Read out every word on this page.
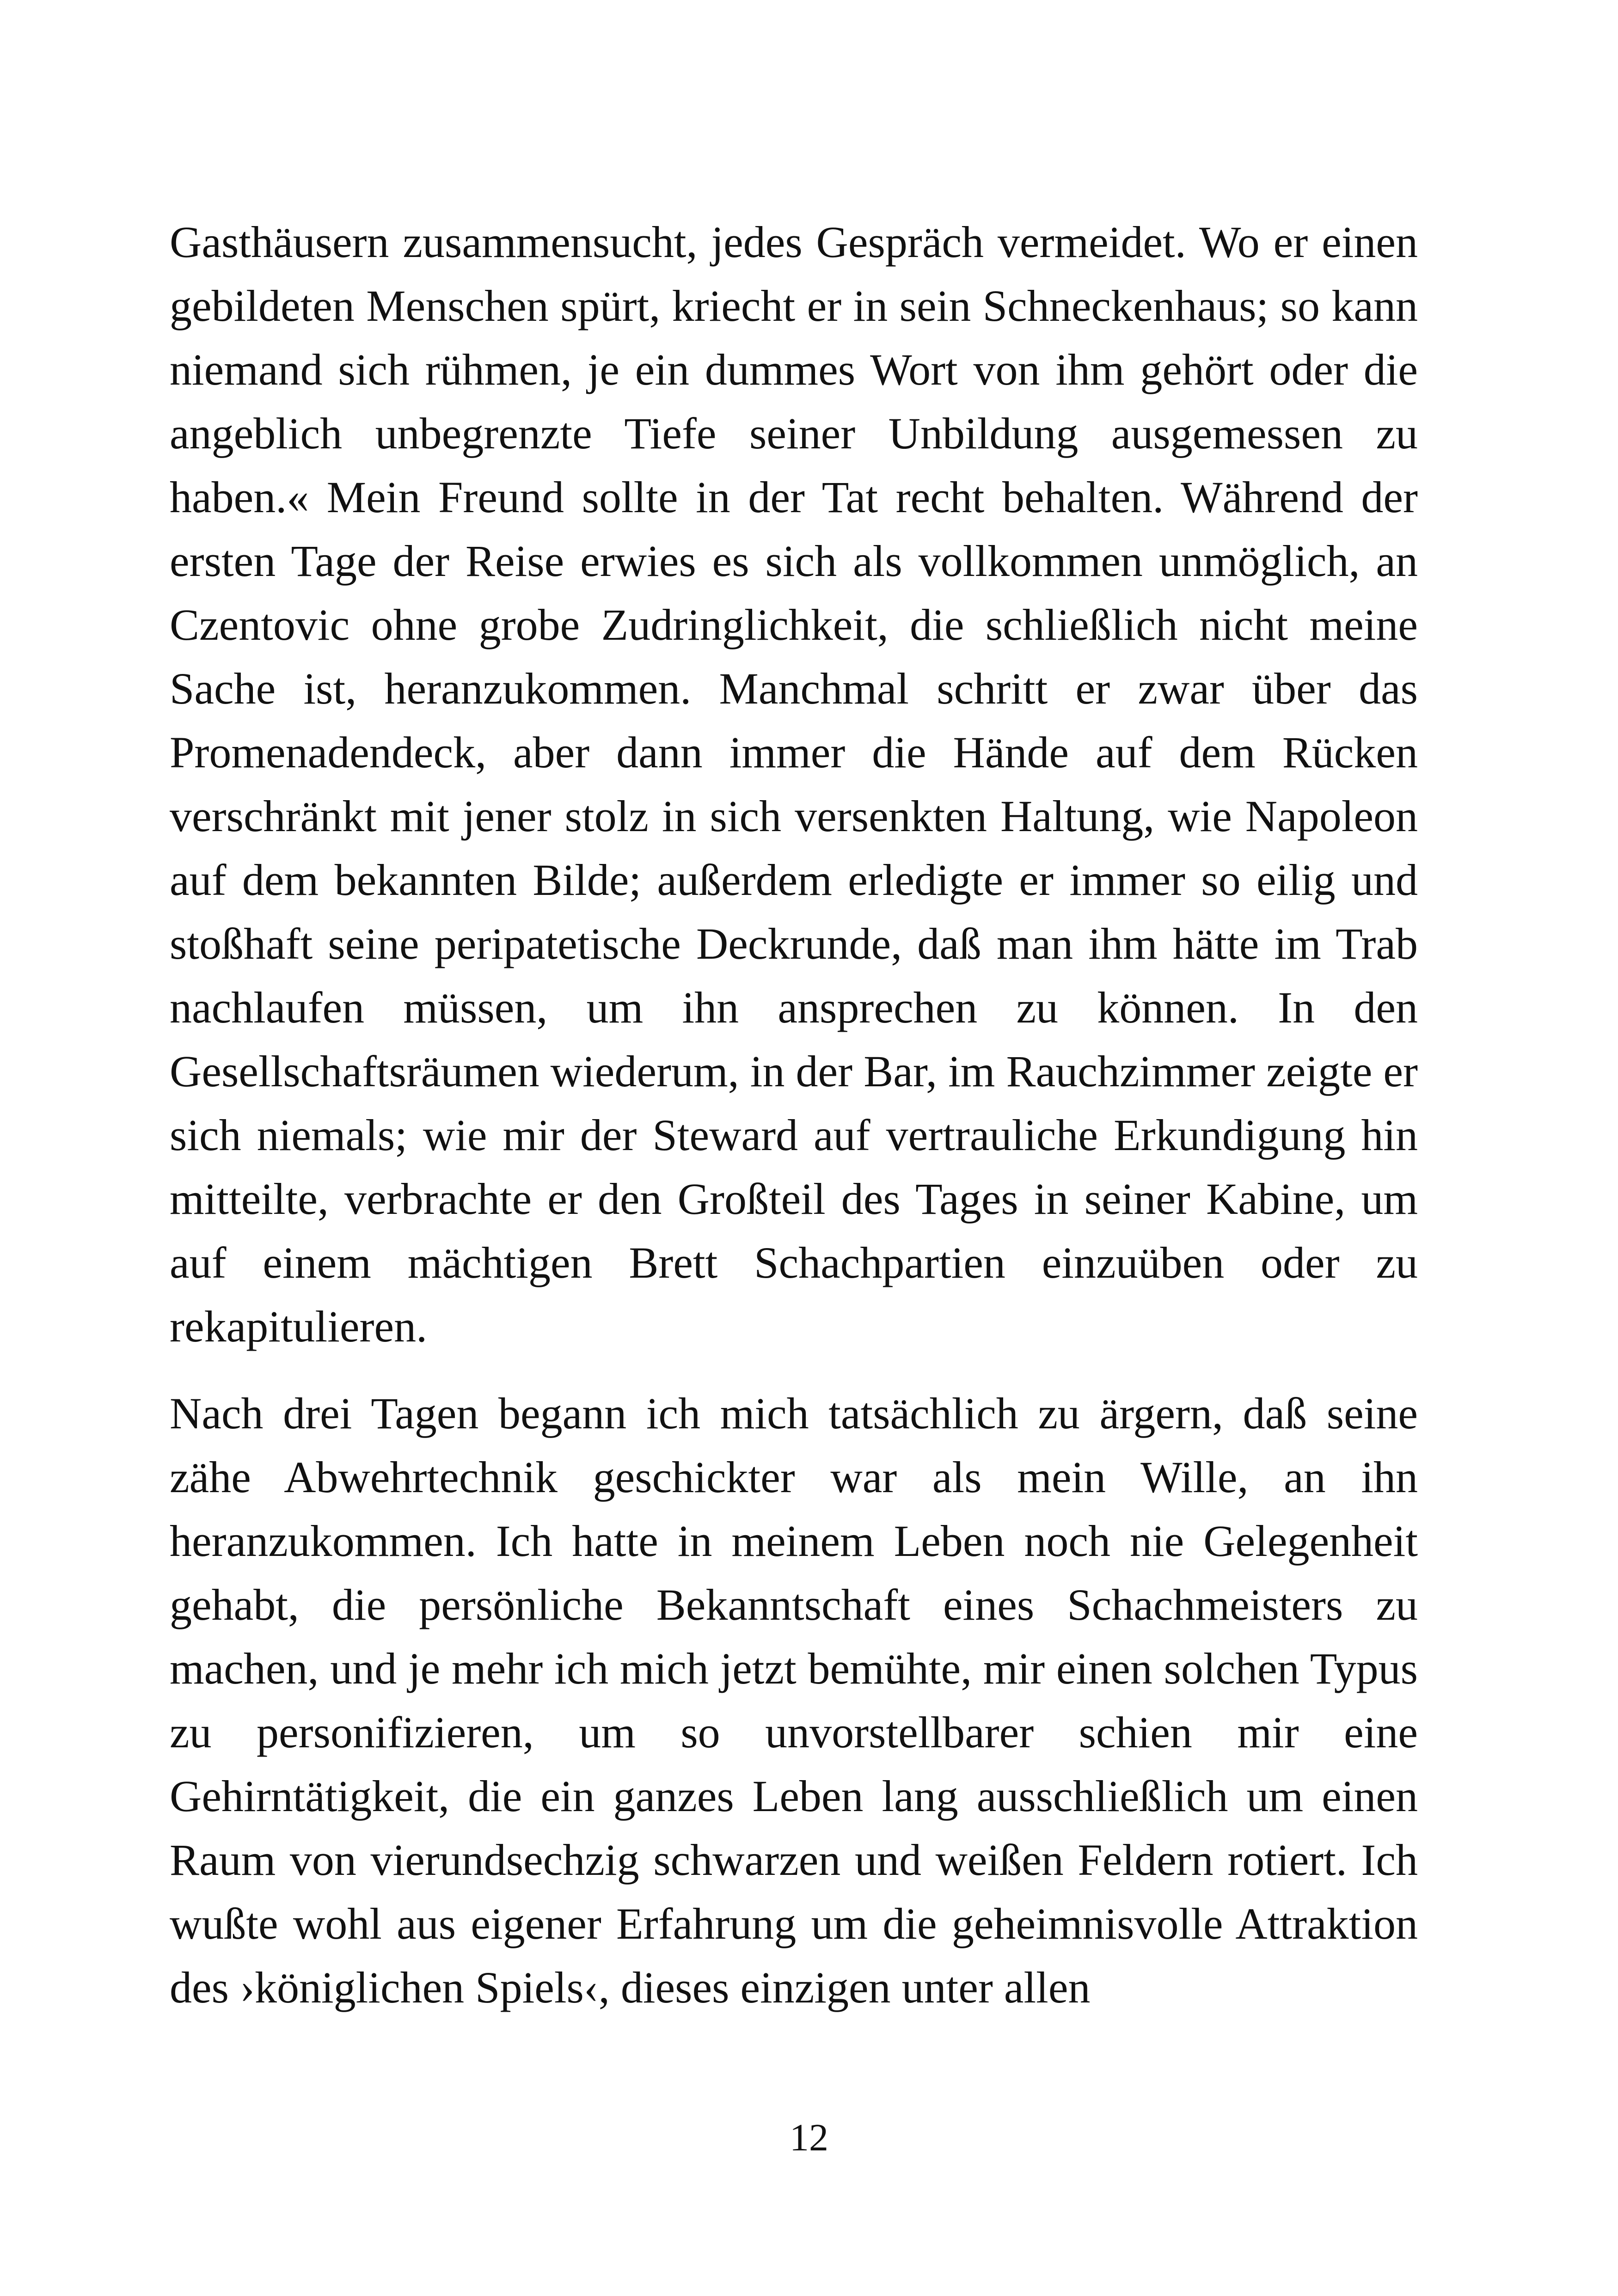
Gasthäusern zusammensucht, jedes Gespräch vermeidet. Wo er einen gebildeten Menschen spürt, kriecht er in sein Schneckenhaus; so kann niemand sich rühmen, je ein dummes Wort von ihm gehört oder die angeblich unbegrenzte Tiefe seiner Unbildung ausgemessen zu haben.« Mein Freund sollte in der Tat recht behalten. Während der ersten Tage der Reise erwies es sich als vollkommen unmöglich, an Czentovic ohne grobe Zudringlichkeit, die schließlich nicht meine Sache ist, heranzukommen. Manchmal schritt er zwar über das Promenadendeck, aber dann immer die Hände auf dem Rücken verschränkt mit jener stolz in sich versenkten Haltung, wie Napoleon auf dem bekannten Bilde; außerdem erledigte er immer so eilig und stoßhaft seine peripatetische Deckrunde, daß man ihm hätte im Trab nachlaufen müssen, um ihn ansprechen zu können. In den Gesellschaftsräumen wiederum, in der Bar, im Rauchzimmer zeigte er sich niemals; wie mir der Steward auf vertrauliche Erkundigung hin mitteilte, verbrachte er den Großteil des Tages in seiner Kabine, um auf einem mächtigen Brett Schachpartien einzuüben oder zu rekapitulieren.

Nach drei Tagen begann ich mich tatsächlich zu ärgern, daß seine zähe Abwehrtechnik geschickter war als mein Wille, an ihn heranzukommen. Ich hatte in meinem Leben noch nie Gelegenheit gehabt, die persönliche Bekanntschaft eines Schachmeisters zu machen, und je mehr ich mich jetzt bemühte, mir einen solchen Typus zu personifizieren, um so unvorstellbarer schien mir eine Gehirntätigkeit, die ein ganzes Leben lang ausschließlich um einen Raum von vierundsechzig schwarzen und weißen Feldern rotiert. Ich wußte wohl aus eigener Erfahrung um die geheimnisvolle Attraktion des ›königlichen Spiels‹, dieses einzigen unter allen

12
